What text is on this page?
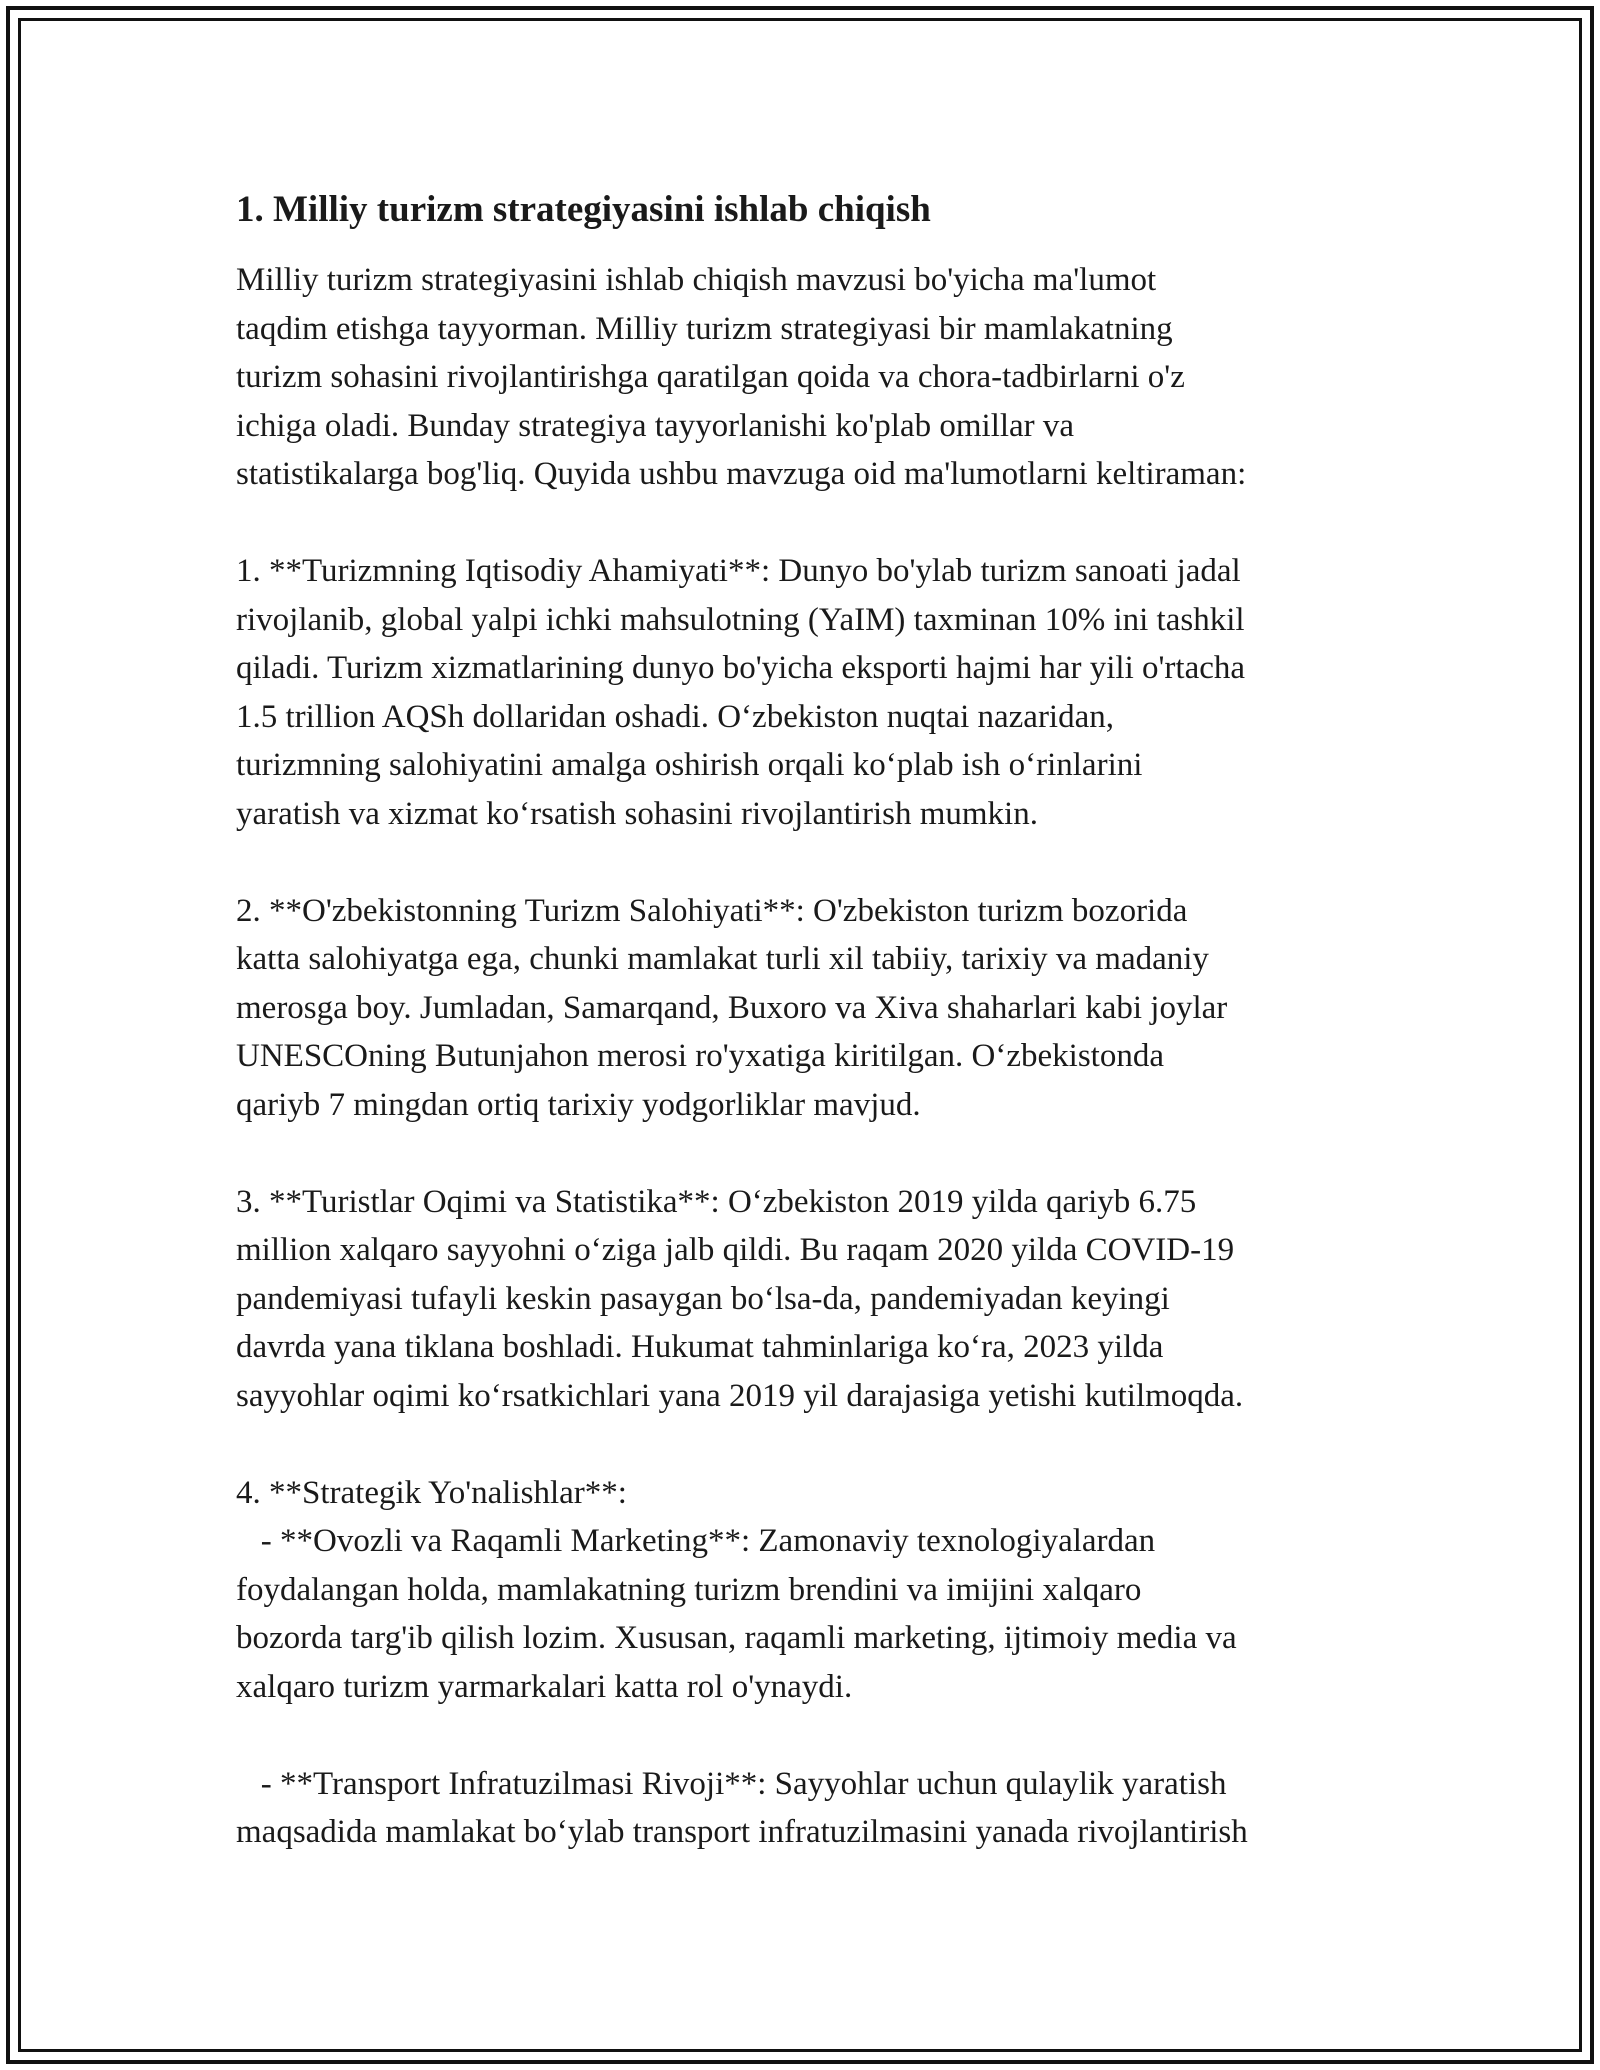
1. Milliy turizm strategiyasini ishlab chiqish

Milliy turizm strategiyasini ishlab chiqish mavzusi bo'yicha ma'lumot
taqdim etishga tayyorman. Milliy turizm strategiyasi bir mamlakatning
turizm sohasini rivojlantirishga qaratilgan qoida va chora-tadbirlarni o'z
ichiga oladi. Bunday strategiya tayyorlanishi ko'plab omillar va
statistikalarga bog'liq. Quyida ushbu mavzuga oid ma'lumotlarni keltiraman:

1. **Turizmning Iqtisodiy Ahamiyati**: Dunyo bo'ylab turizm sanoati jadal
rivojlanib, global yalpi ichki mahsulotning (YaIM) taxminan 10% ini tashkil
qiladi. Turizm xizmatlarining dunyo bo'yicha eksporti hajmi har yili o'rtacha
1.5 trillion AQSh dollaridan oshadi. O‘zbekiston nuqtai nazaridan,
turizmning salohiyatini amalga oshirish orqali ko‘plab ish o‘rinlarini
yaratish va xizmat ko‘rsatish sohasini rivojlantirish mumkin.

2. **O'zbekistonning Turizm Salohiyati**: O'zbekiston turizm bozorida
katta salohiyatga ega, chunki mamlakat turli xil tabiiy, tarixiy va madaniy
merosga boy. Jumladan, Samarqand, Buxoro va Xiva shaharlari kabi joylar
UNESCOning Butunjahon merosi ro'yxatiga kiritilgan. O‘zbekistonda
qariyb 7 mingdan ortiq tarixiy yodgorliklar mavjud.

3. **Turistlar Oqimi va Statistika**: O‘zbekiston 2019 yilda qariyb 6.75
million xalqaro sayyohni o‘ziga jalb qildi. Bu raqam 2020 yilda COVID-19
pandemiyasi tufayli keskin pasaygan bo‘lsa-da, pandemiyadan keyingi
davrda yana tiklana boshladi. Hukumat tahminlariga ko‘ra, 2023 yilda
sayyohlar oqimi ko‘rsatkichlari yana 2019 yil darajasiga yetishi kutilmoqda.

4. **Strategik Yo'nalishlar**:
- **Ovozli va Raqamli Marketing**: Zamonaviy texnologiyalardan
foydalangan holda, mamlakatning turizm brendini va imijini xalqaro
bozorda targ'ib qilish lozim. Xususan, raqamli marketing, ijtimoiy media va
xalqaro turizm yarmarkalari katta rol o'ynaydi.

- **Transport Infratuzilmasi Rivoji**: Sayyohlar uchun qulaylik yaratish
maqsadida mamlakat bo‘ylab transport infratuzilmasini yanada rivojlantirish
